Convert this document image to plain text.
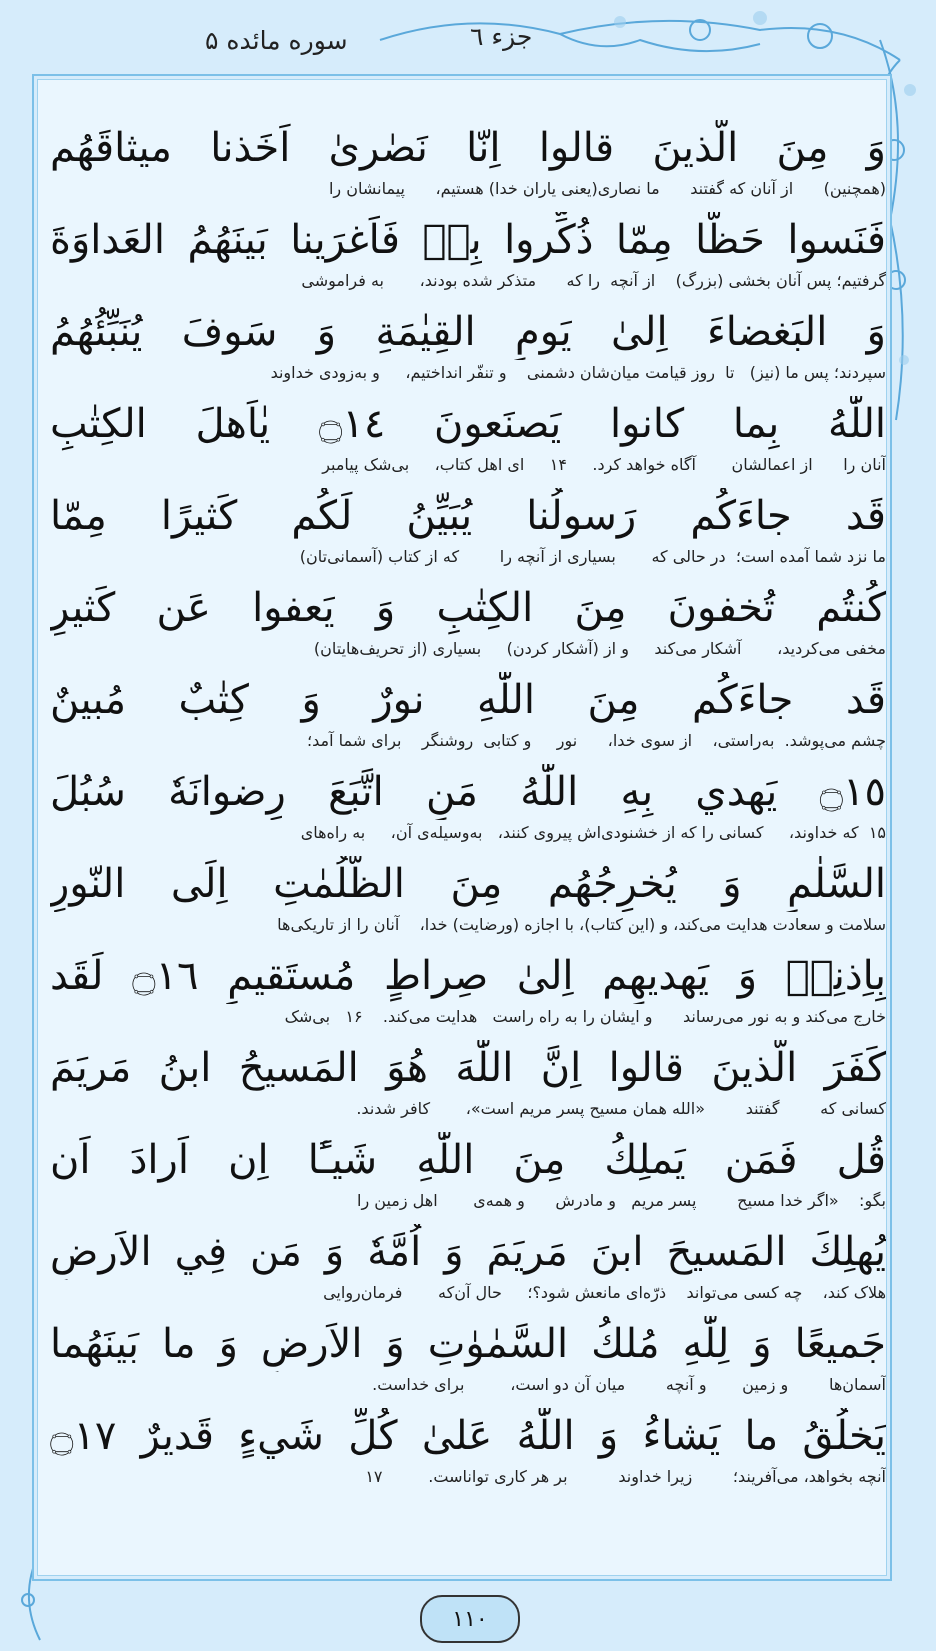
سوره مائده ۵	جزء ٦
وَ مِنَ الَّذينَ قالوا اِنّا نَصٰرىٰ اَخَذنا ميثاقَهُم
(همچنین)      از آنان که گفتند      ما نصاری(یعنی یاران خدا) هستیم،      پیمانشان را
فَنَسوا حَظًّا مِمّا ذُكِّروا بِهٖ فَاَغرَينا بَينَهُمُ العَداوَةَ
گرفتیم؛ پس آنان بخشی (بزرگ)    از آنچه  را که      متذکر شده بودند،       به فراموشی
وَ البَغضاءَ اِلىٰ يَومِ القِيٰمَةِ وَ سَوفَ يُنَبِّئُهُمُ
سپردند؛ پس ما (نیز)   تا  روز قیامت میان‌شان دشمنی    و تنفّر انداختیم،     و به‌زودی خداوند
اللّٰهُ بِما كانوا يَصنَعونَ ۝١٤ يٰاَهلَ الكِتٰبِ
آنان را      از اعمالشان       آگاه خواهد کرد.     ۱۴     ای اهل کتاب،     بی‌شک پیامبر
قَد جاءَكُم رَسولُنا يُبَيِّنُ لَكُم كَثيرًا مِمّا
ما نزد شما آمده است؛  در حالی که       بسیاری از آنچه را        که از کتاب (آسمانی‌تان)
كُنتُم تُخفونَ مِنَ الكِتٰبِ وَ يَعفوا عَن كَثيرٍ
مخفی می‌کردید،       آشکار می‌کند     و از (آشکار کردن)     بسیاری (از تحریف‌هایتان)
قَد جاءَكُم مِنَ اللّٰهِ نورٌ وَ كِتٰبٌ مُبينٌ
چشم می‌پوشد.  به‌راستی،    از سوی خدا،      نور     و کتابی  روشنگر    برای شما آمد؛
۝١٥ يَهدي بِهِ اللّٰهُ مَنِ اتَّبَعَ رِضوانَهٗ سُبُلَ
۱۵  که خداوند،     کسانی را که از خشنودی‌اش پیروی کنند،   به‌وسیله‌ی آن،     به راه‌های
السَّلٰمِ وَ يُخرِجُهُم مِنَ الظُّلُمٰتِ اِلَى النّورِ
سلامت و سعادت هدایت می‌کند، و (این کتاب)، با اجازه (ورضایت) خدا،    آنان را از تاریکی‌ها
بِاِذنِهٖ وَ يَهديهِم اِلىٰ صِراطٍ مُستَقيمٍ ۝١٦ لَقَد
خارج می‌کند و به نور می‌رساند      و ایشان را به راه راست   هدایت می‌کند.    ۱۶   بی‌شک
كَفَرَ الَّذينَ قالوا اِنَّ اللّٰهَ هُوَ المَسيحُ ابنُ مَريَمَ
کسانی که        گفتند        «الله همان مسیح پسر مریم است»،       کافر شدند.
قُل فَمَن يَملِكُ مِنَ اللّٰهِ شَيـًٔا اِن اَرادَ اَن
بگو:    «اگر خدا مسیح        پسر مریم   و مادرش      و همه‌ی       اهل زمین را
يُهلِكَ المَسيحَ ابنَ مَريَمَ وَ اُمَّهٗ وَ مَن فِي الاَرضِ
هلاک کند،    چه کسی می‌تواند    ذرّه‌ای مانعش شود؟؛     حال آن‌که       فرمان‌روایی
جَميعًا وَ لِلّٰهِ مُلكُ السَّمٰوٰتِ وَ الاَرضِ وَ ما بَينَهُما
آسمان‌ها        و زمین       و آنچه        میان آن دو است،         برای خداست.
يَخلُقُ ما يَشاءُ وَ اللّٰهُ عَلىٰ كُلِّ شَيءٍ قَديرٌ ۝١٧
آنچه بخواهد، می‌آفریند؛        زیرا خداوند          بر هر کاری تواناست.         ۱۷
١١٠
